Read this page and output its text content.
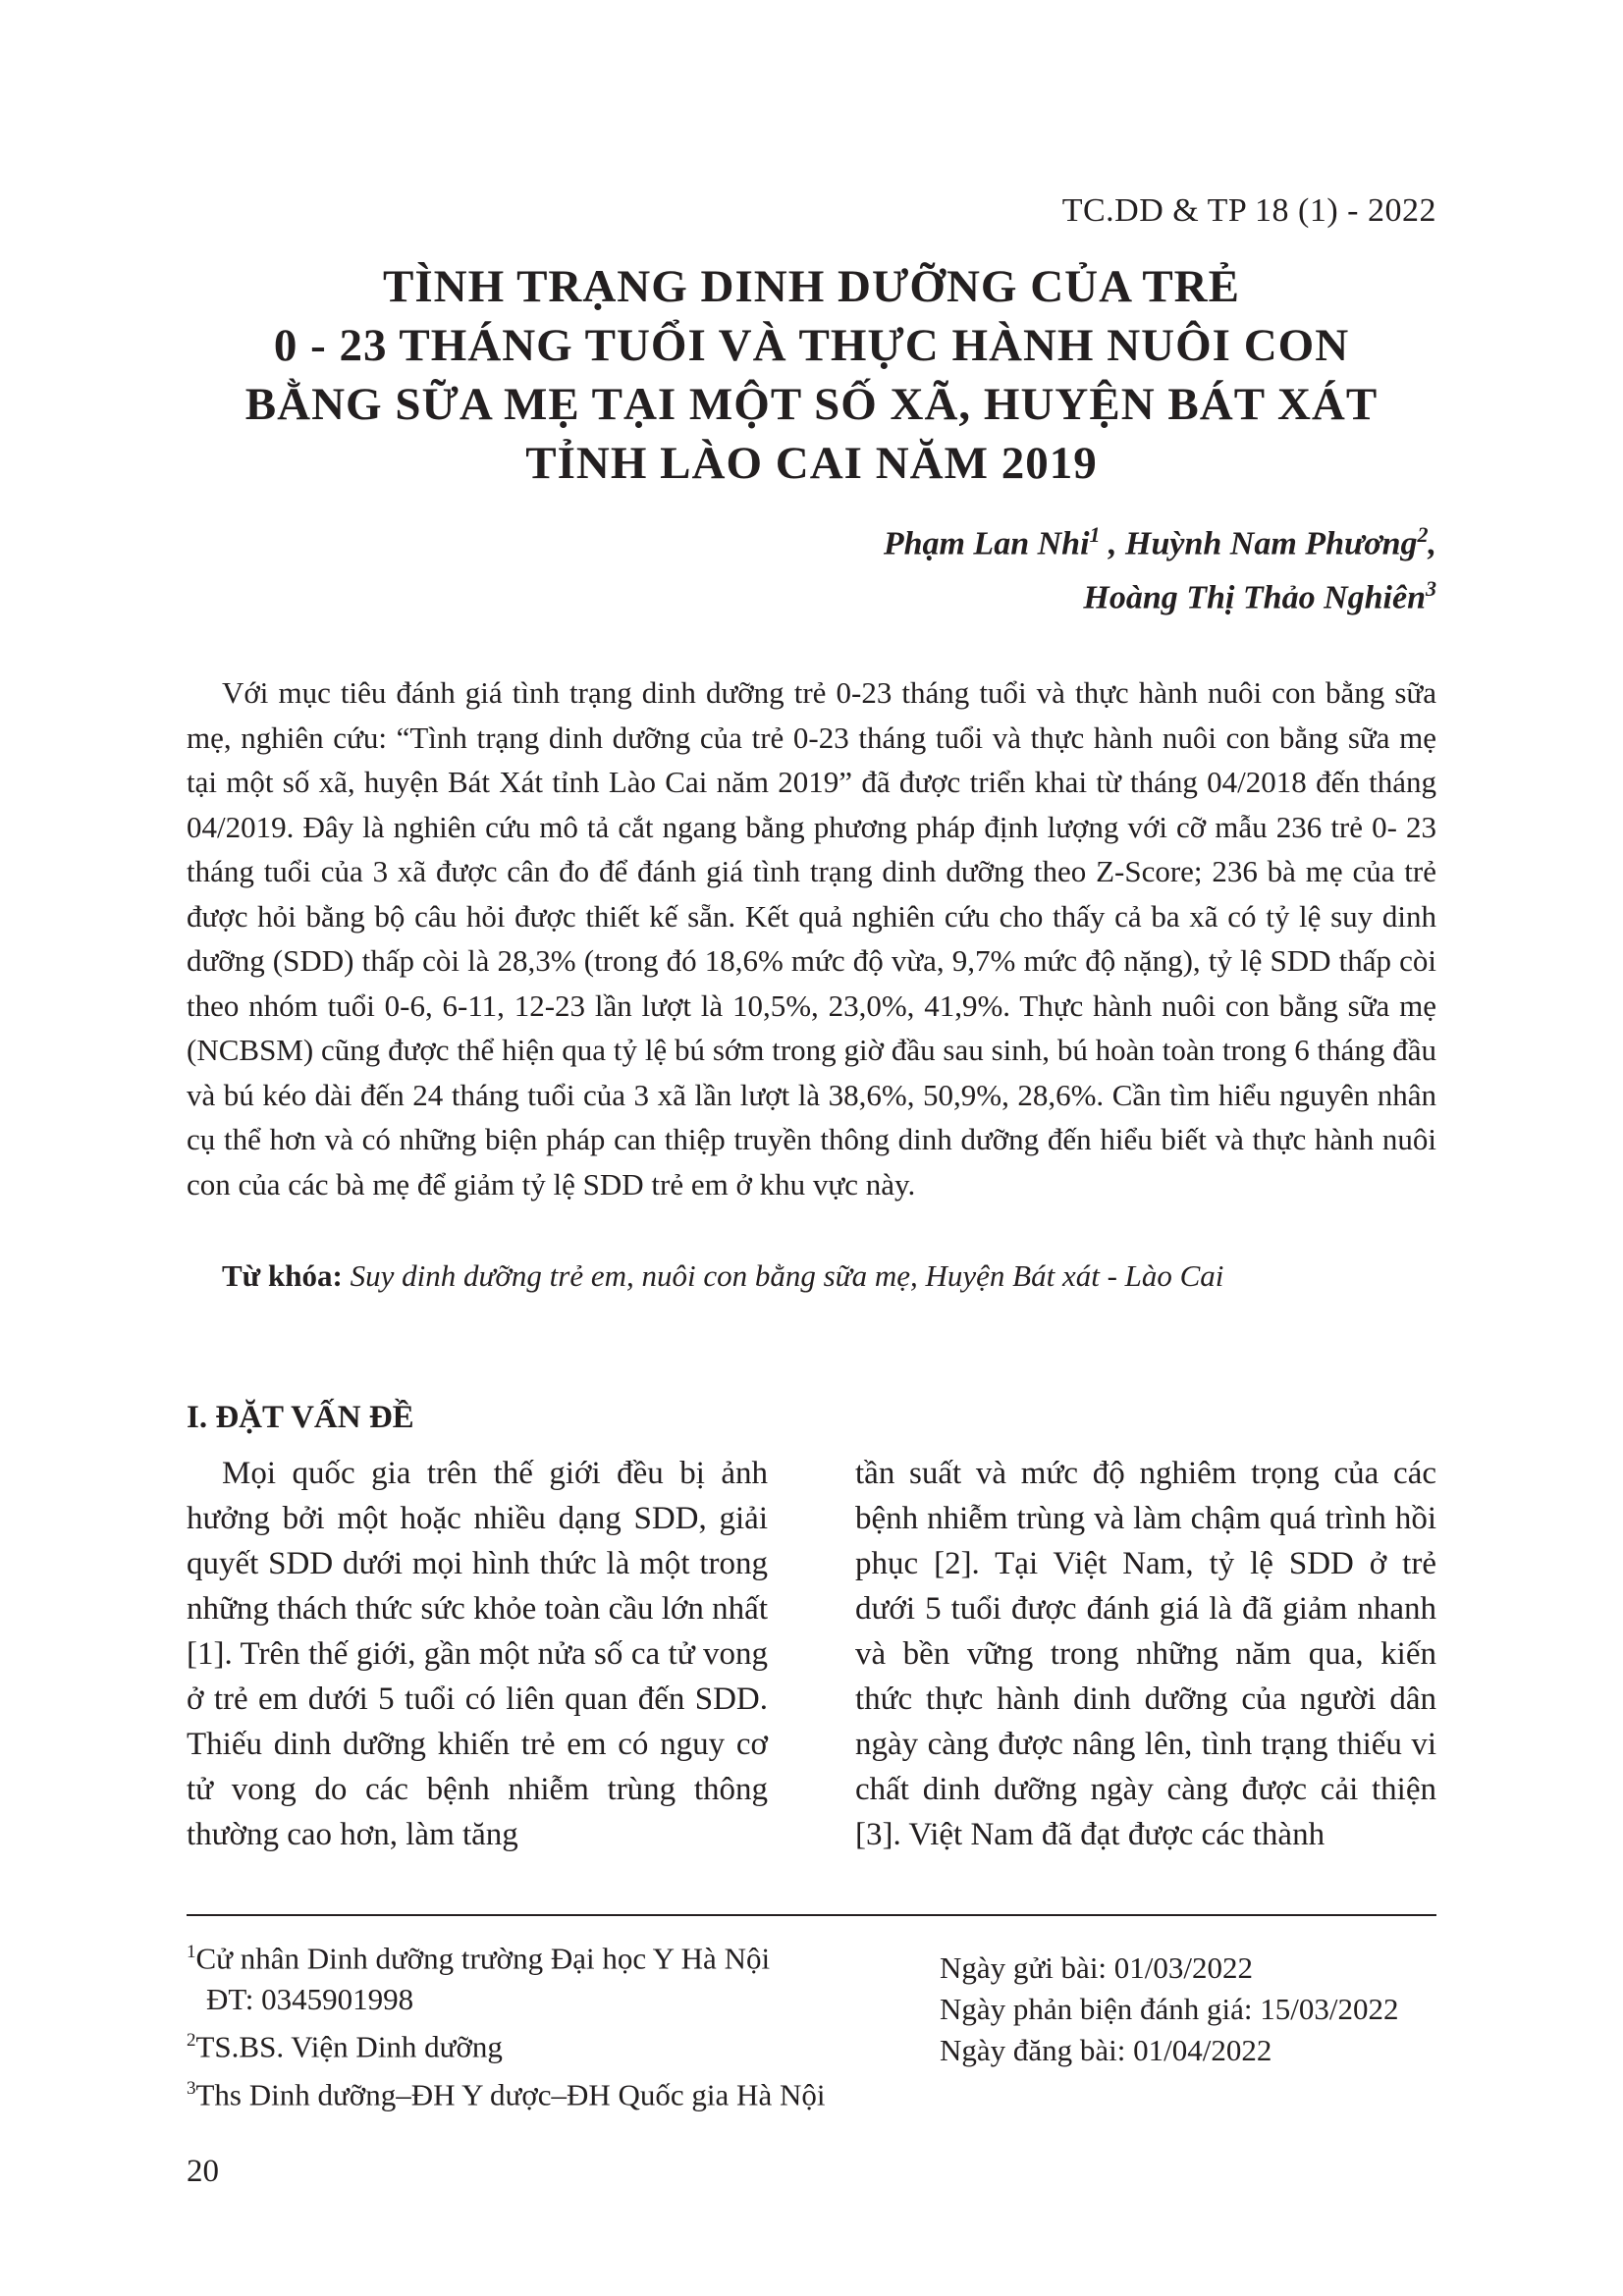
TC.DD & TP 18 (1) - 2022
TÌNH TRẠNG DINH DƯỠNG CỦA TRẺ
0 - 23 THÁNG TUỔI VÀ THỰC HÀNH NUÔI CON
BẰNG SỮA MẸ TẠI MỘT SỐ XÃ, HUYỆN BÁT XÁT
TỈNH LÀO CAI NĂM 2019
Phạm Lan Nhi$^1$ , Huỳnh Nam Phương$^2$,
Hoàng Thị Thảo Nghiên$^3$
Với mục tiêu đánh giá tình trạng dinh dưỡng trẻ 0-23 tháng tuổi và thực hành nuôi con bằng sữa mẹ, nghiên cứu: “Tình trạng dinh dưỡng của trẻ 0-23 tháng tuổi và thực hành nuôi con bằng sữa mẹ tại một số xã, huyện Bát Xát tỉnh Lào Cai năm 2019” đã được triển khai từ tháng 04/2018 đến tháng 04/2019. Đây là nghiên cứu mô tả cắt ngang bằng phương pháp định lượng với cỡ mẫu 236 trẻ 0- 23 tháng tuổi của 3 xã được cân đo để đánh giá tình trạng dinh dưỡng theo Z-Score; 236 bà mẹ của trẻ được hỏi bằng bộ câu hỏi được thiết kế sẵn. Kết quả nghiên cứu cho thấy cả ba xã có tỷ lệ suy dinh dưỡng (SDD) thấp còi là 28,3% (trong đó 18,6% mức độ vừa, 9,7% mức độ nặng), tỷ lệ SDD thấp còi theo nhóm tuổi 0-6, 6-11, 12-23 lần lượt là 10,5%, 23,0%, 41,9%. Thực hành nuôi con bằng sữa mẹ (NCBSM) cũng được thể hiện qua tỷ lệ bú sớm trong giờ đầu sau sinh, bú hoàn toàn trong 6 tháng đầu và bú kéo dài đến 24 tháng tuổi của 3 xã lần lượt là 38,6%, 50,9%, 28,6%. Cần tìm hiểu nguyên nhân cụ thể hơn và có những biện pháp can thiệp truyền thông dinh dưỡng đến hiểu biết và thực hành nuôi con của các bà mẹ để giảm tỷ lệ SDD trẻ em ở khu vực này.
Từ khóa: Suy dinh dưỡng trẻ em, nuôi con bằng sữa mẹ, Huyện Bát xát - Lào Cai
I. ĐẶT VẤN ĐỀ
Mọi quốc gia trên thế giới đều bị ảnh hưởng bởi một hoặc nhiều dạng SDD, giải quyết SDD dưới mọi hình thức là một trong những thách thức sức khỏe toàn cầu lớn nhất [1]. Trên thế giới, gần một nửa số ca tử vong ở trẻ em dưới 5 tuổi có liên quan đến SDD. Thiếu dinh dưỡng khiến trẻ em có nguy cơ tử vong do các bệnh nhiễm trùng thông thường cao hơn, làm tăng
tần suất và mức độ nghiêm trọng của các bệnh nhiễm trùng và làm chậm quá trình hồi phục [2]. Tại Việt Nam, tỷ lệ SDD ở trẻ dưới 5 tuổi được đánh giá là đã giảm nhanh và bền vững trong những năm qua, kiến thức thực hành dinh dưỡng của người dân ngày càng được nâng lên, tình trạng thiếu vi chất dinh dưỡng ngày càng được cải thiện [3]. Việt Nam đã đạt được các thành
$^1$Cử nhân Dinh dưỡng trường Đại học Y Hà Nội
ĐT: 0345901998
$^2$TS.BS. Viện Dinh dưỡng
$^3$Ths Dinh dưỡng–ĐH Y dược–ĐH Quốc gia Hà Nội
Ngày gửi bài: 01/03/2022
Ngày phản biện đánh giá: 15/03/2022
Ngày đăng bài: 01/04/2022
20
